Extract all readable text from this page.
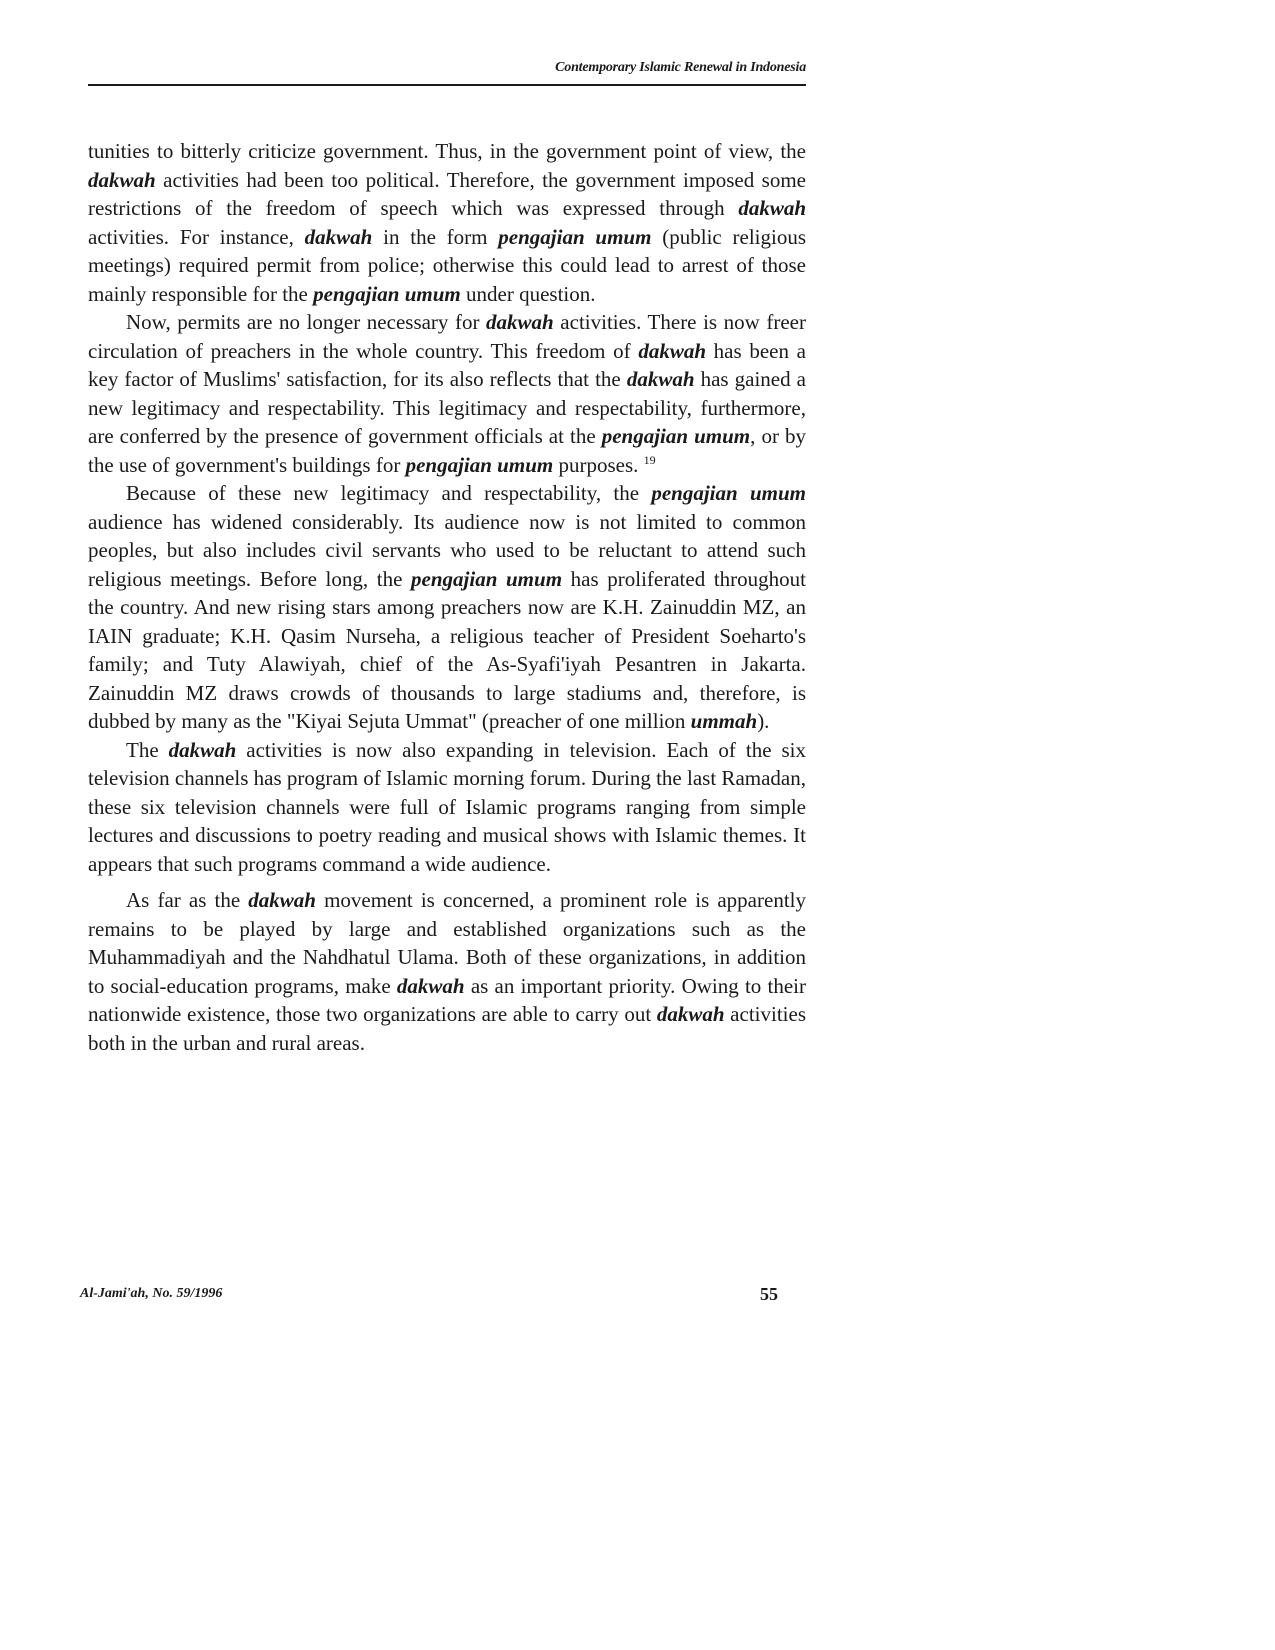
Contemporary Islamic Renewal in Indonesia

tunities to bitterly criticize government. Thus, in the government point of view, the dakwah activities had been too political. Therefore, the government imposed some restrictions of the freedom of speech which was expressed through dakwah activities. For instance, dakwah in the form pengajian umum (public religious meetings) required permit from police; otherwise this could lead to arrest of those mainly responsible for the pengajian umum under question.

Now, permits are no longer necessary for dakwah activities. There is now freer circulation of preachers in the whole country. This freedom of dakwah has been a key factor of Muslims' satisfaction, for its also reflects that the dakwah has gained a new legitimacy and respectability. This legitimacy and respectability, furthermore, are conferred by the presence of government officials at the pengajian umum, or by the use of government's buildings for pengajian umum purposes. $^{19}$

Because of these new legitimacy and respectability, the pengajian umum audience has widened considerably. Its audience now is not limited to common peoples, but also includes civil servants who used to be reluctant to attend such religious meetings. Before long, the pengajian umum has proliferated throughout the country. And new rising stars among preachers now are K.H. Zainuddin MZ, an IAIN graduate; K.H. Qasim Nurseha, a religious teacher of President Soeharto's family; and Tuty Alawiyah, chief of the As-Syafi'iyah Pesantren in Jakarta. Zainuddin MZ draws crowds of thousands to large stadiums and, therefore, is dubbed by many as the "Kiyai Sejuta Ummat" (preacher of one million ummah).

The dakwah activities is now also expanding in television. Each of the six television channels has program of Islamic morning forum. During the last Ramadan, these six television channels were full of Islamic programs ranging from simple lectures and discussions to poetry reading and musical shows with Islamic themes. It appears that such programs command a wide audience.

As far as the dakwah movement is concerned, a prominent role is apparently remains to be played by large and established organizations such as the Muhammadiyah and the Nahdhatul Ulama. Both of these organizations, in addition to social-education programs, make dakwah as an important priority. Owing to their nationwide existence, those two organizations are able to carry out dakwah activities both in the urban and rural areas.

Al-Jami'ah, No. 59/1996	55
